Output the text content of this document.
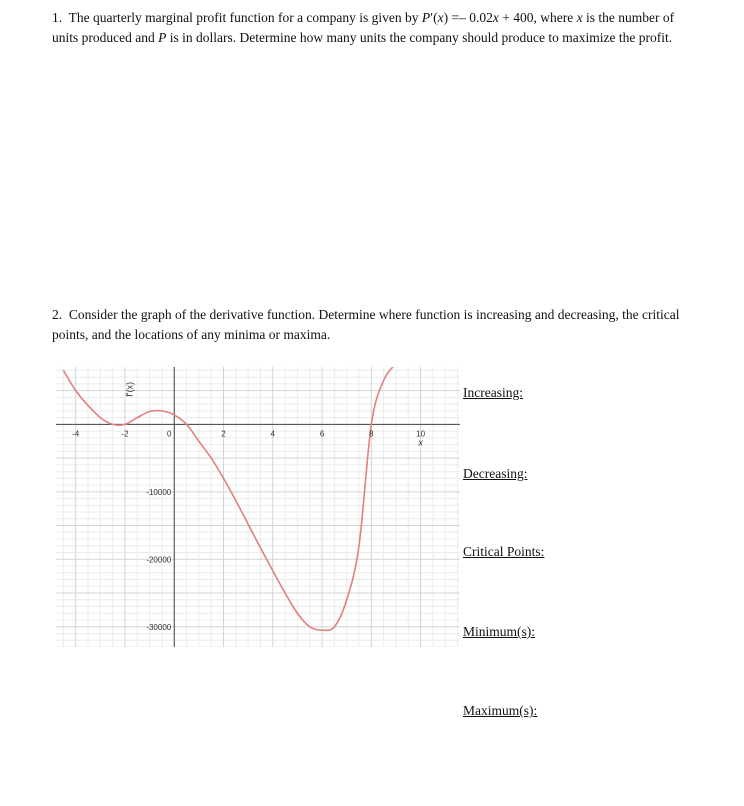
1. The quarterly marginal profit function for a company is given by P′(x) =– 0.02x + 400, where x is the number of units produced and P is in dollars. Determine how many units the company should produce to maximize the profit.
2. Consider the graph of the derivative function. Determine where function is increasing and decreasing, the critical points, and the locations of any minima or maxima.
-4	-2	0	2	4	6	8	10
x
-10000
-20000
-30000
f'(x)	Increasing:
Decreasing:
Critical Points:
Minimum(s):
Maximum(s):
